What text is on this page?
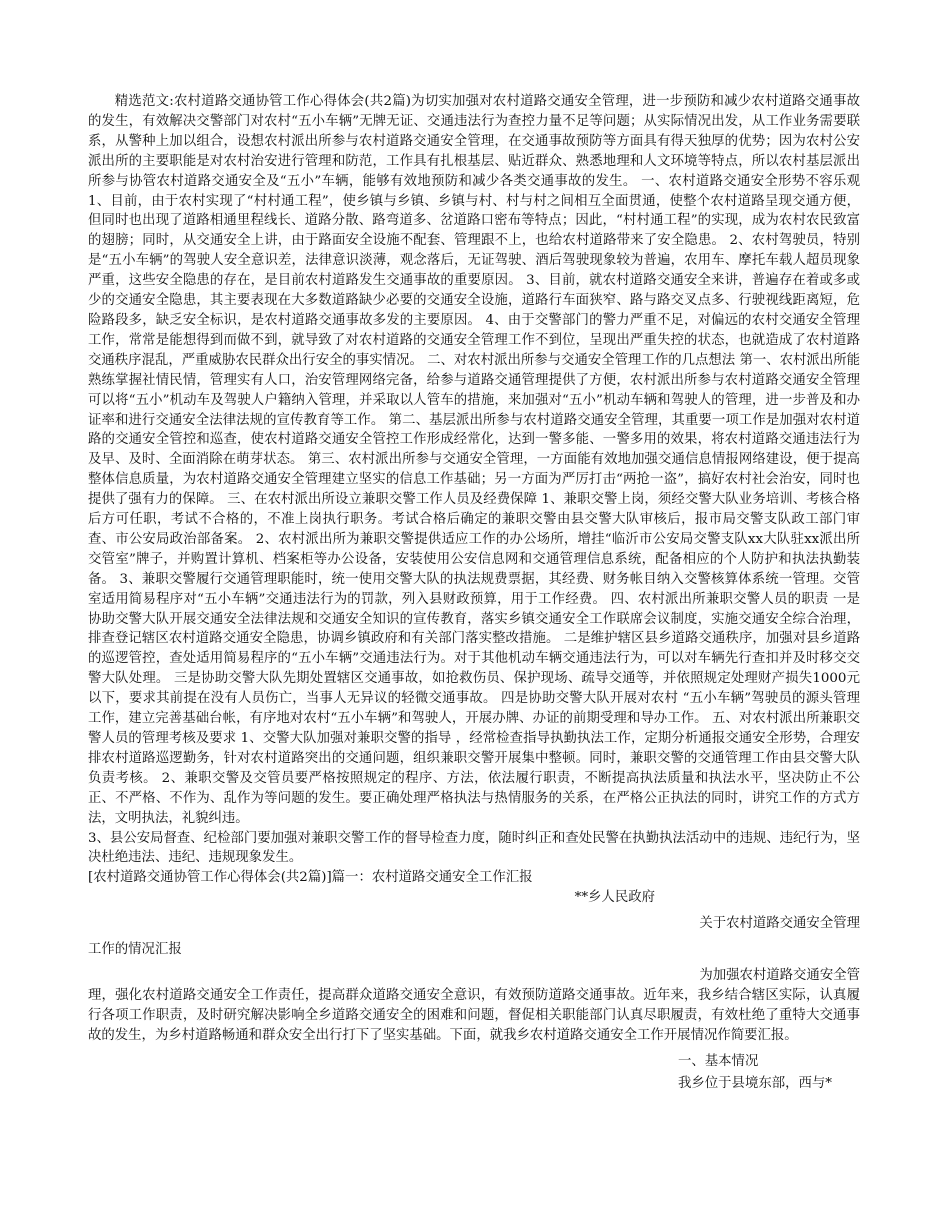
精选范文:农村道路交通协管工作心得体会(共2篇)为切实加强对农村道路交通安全管理，进一步预防和减少农村道路交通事故的发生，有效解决交警部门对农村“五小车辆”无牌无证、交通违法行为查控力量不足等问题；从实际情况出发，从工作业务需要联系，从警种上加以组合，设想农村派出所参与农村道路交通安全管理，在交通事故预防等方面具有得天独厚的优势；因为农村公安派出所的主要职能是对农村治安进行管理和防范，工作具有扎根基层、贴近群众、熟悉地理和人文环境等特点，所以农村基层派出所参与协管农村道路交通安全及“五小”车辆，能够有效地预防和减少各类交通事故的发生。 一、农村道路交通安全形势不容乐观 1、目前，由于农村实现了“村村通工程”，使乡镇与乡镇、乡镇与村、村与村之间相互全面贯通，使整个农村道路呈现交通方便，但同时也出现了道路相通里程线长、道路分散、路弯道多、岔道路口密布等特点；因此，“村村通工程”的实现，成为农村农民致富的翅膀；同时，从交通安全上讲，由于路面安全设施不配套、管理跟不上，也给农村道路带来了安全隐患。 2、农村驾驶员，特别是“五小车辆”的驾驶人安全意识差，法律意识淡薄，观念落后，无证驾驶、酒后驾驶现象较为普遍，农用车、摩托车载人超员现象严重，这些安全隐患的存在，是目前农村道路发生交通事故的重要原因。 3、目前，就农村道路交通安全来讲，普遍存在着或多或少的交通安全隐患，其主要表现在大多数道路缺少必要的交通安全设施，道路行车面狭窄、路与路交叉点多、行驶视线距离短，危险路段多，缺乏安全标识，是农村道路交通事故多发的主要原因。 4、由于交警部门的警力严重不足，对偏远的农村交通安全管理工作，常常是能想得到而做不到，就导致了对农村道路的交通安全管理工作不到位，呈现出严重失控的状态，也就造成了农村道路交通秩序混乱，严重威胁农民群众出行安全的事实情况。 二、对农村派出所参与交通安全管理工作的几点想法 第一、农村派出所能熟练掌握社情民情，管理实有人口，治安管理网络完备，给参与道路交通管理提供了方便，农村派出所参与农村道路交通安全管理可以将“五小”机动车及驾驶人户籍纳入管理，并采取以人管车的措施，来加强对“五小”机动车辆和驾驶人的管理，进一步普及和办证率和进行交通安全法律法规的宣传教育等工作。 第二、基层派出所参与农村道路交通安全管理，其重要一项工作是加强对农村道路的交通安全管控和巡查，使农村道路交通安全管控工作形成经常化，达到一警多能、一警多用的效果，将农村道路交通违法行为及早、及时、全面消除在萌芽状态。 第三、农村派出所参与交通安全管理，一方面能有效地加强交通信息情报网络建设，便于提高整体信息质量，为农村道路交通安全管理建立坚实的信息工作基础；另一方面为严厉打击“两抢一盗”，搞好农村社会治安，同时也提供了强有力的保障。 三、在农村派出所设立兼职交警工作人员及经费保障 1、兼职交警上岗，须经交警大队业务培训、考核合格后方可任职，考试不合格的，不准上岗执行职务。考试合格后确定的兼职交警由县交警大队审核后，报市局交警支队政工部门审查、市公安局政治部备案。 2、农村派出所为兼职交警提供适应工作的办公场所，增挂“临沂市公安局交警支队xx大队驻xx派出所交管室”牌子，并购置计算机、档案柜等办公设备，安装使用公安信息网和交通管理信息系统，配备相应的个人防护和执法执勤装备。 3、兼职交警履行交通管理职能时，统一使用交警大队的执法规费票据，其经费、财务帐目纳入交警核算体系统一管理。交管室适用简易程序对“五小车辆”交通违法行为的罚款，列入县财政预算，用于工作经费。 四、农村派出所兼职交警人员的职责 一是协助交警大队开展交通安全法律法规和交通安全知识的宣传教育，落实乡镇交通安全工作联席会议制度，实施交通安全综合治理，排查登记辖区农村道路交通安全隐患，协调乡镇政府和有关部门落实整改措施。 二是维护辖区县乡道路交通秩序，加强对县乡道路的巡逻管控，查处适用简易程序的“五小车辆”交通违法行为。对于其他机动车辆交通违法行为，可以对车辆先行查扣并及时移交交警大队处理。 三是协助交警大队先期处置辖区交通事故，如抢救伤员、保护现场、疏导交通等，并依照规定处理财产损失1000元以下，要求其前提在没有人员伤亡，当事人无异议的轻微交通事故。 四是协助交警大队开展对农村 “五小车辆”驾驶员的源头管理工作，建立完善基础台帐，有序地对农村“五小车辆”和驾驶人，开展办牌、办证的前期受理和导办工作。 五、对农村派出所兼职交警人员的管理考核及要求 1、交警大队加强对兼职交警的指导 ，经常检查指导执勤执法工作，定期分析通报交通安全形势，合理安排农村道路巡逻勤务，针对农村道路突出的交通问题，组织兼职交警开展集中整顿。同时，兼职交警的交通管理工作由县交警大队负责考核。 2、兼职交警及交管员要严格按照规定的程序、方法，依法履行职责，不断提高执法质量和执法水平，坚决防止不公正、不严格、不作为、乱作为等问题的发生。要正确处理严格执法与热情服务的关系，在严格公正执法的同时，讲究工作的方式方法，文明执法，礼貌纠违。

3、县公安局督查、纪检部门要加强对兼职交警工作的督导检查力度，随时纠正和查处民警在执勤执法活动中的违规、违纪行为，坚决杜绝违法、违纪、违规现象发生。

[农村道路交通协管工作心得体会(共2篇)]篇一：农村道路交通安全工作汇报

**乡人民政府

关于农村道路交通安全管理

工作的情况汇报

为加强农村道路交通安全管

理，强化农村道路交通安全工作责任，提高群众道路交通安全意识，有效预防道路交通事故。近年来，我乡结合辖区实际，认真履行各项工作职责，及时研究解决影响全乡道路交通安全的困难和问题，督促相关职能部门认真尽职履责，有效杜绝了重特大交通事故的发生，为乡村道路畅通和群众安全出行打下了坚实基础。下面，就我乡农村道路交通安全工作开展情况作简要汇报。

一、基本情况

我乡位于县境东部，西与*
